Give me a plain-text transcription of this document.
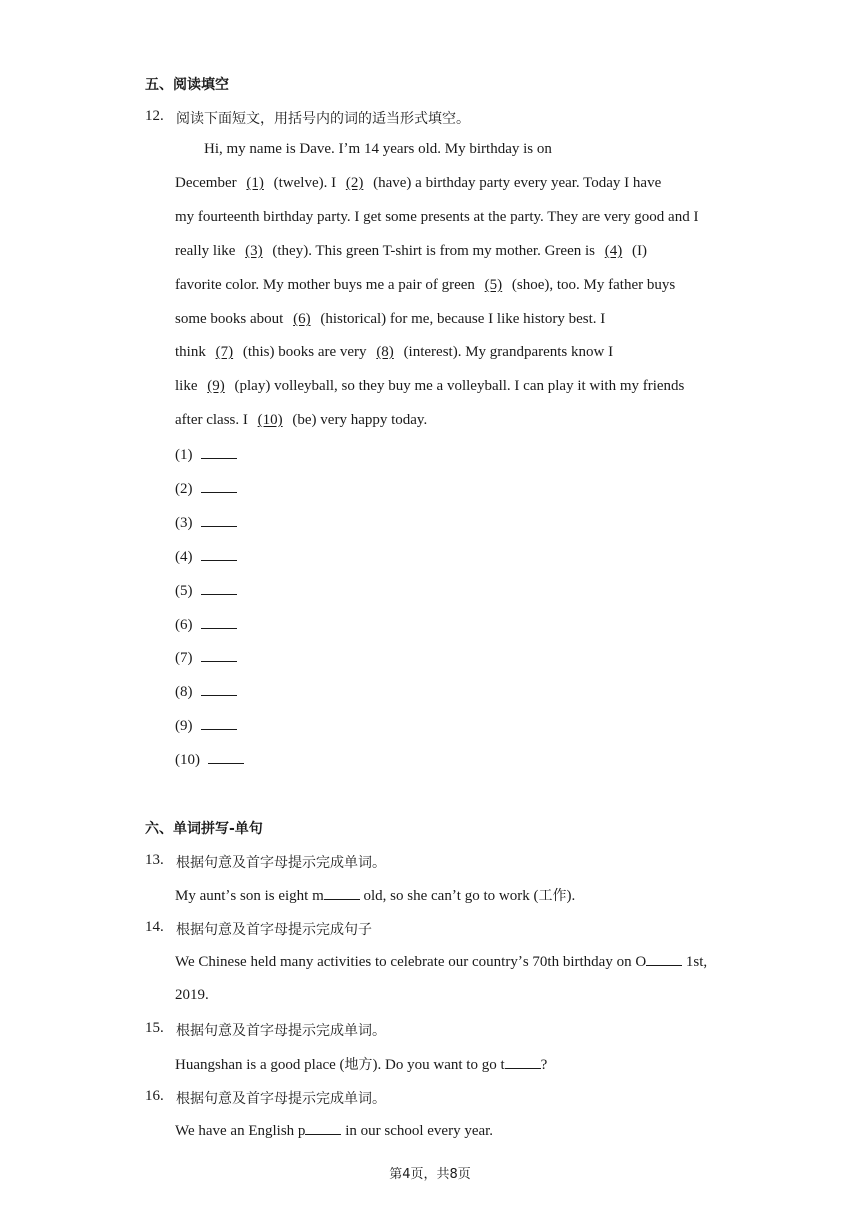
五、阅读填空
12. 阅读下面短文，用括号内的词的适当形式填空。
Hi, my name is Dave. Iʼm 14 years old. My birthday is on
December (1) (twelve). I (2) (have) a birthday party every year. Today I have
my fourteenth birthday party. I get some presents at the party. They are very good and I
really like (3) (they). This green T-shirt is from my mother. Green is (4) (I)
favorite color. My mother buys me a pair of green (5) (shoe), too. My father buys
some books about (6) (historical) for me, because I like history best. I
think (7) (this) books are very (8) (interest). My grandparents know I
like (9) (play) volleyball, so they buy me a volleyball. I can play it with my friends
after class. I (10) (be) very happy today.
(1)
(2)
(3)
(4)
(5)
(6)
(7)
(8)
(9)
(10)
六、单词拼写-单句
13. 根据句意及首字母提示完成单词。
My auntʼs son is eight m old, so she canʼt go to work (工作).
14. 根据句意及首字母提示完成句子
We Chinese held many activities to celebrate our countryʼs 70th birthday on O 1st,
2019.
15. 根据句意及首字母提示完成单词。
Huangshan is a good place (地方). Do you want to go t ?
16. 根据句意及首字母提示完成单词。
We have an English p in our school every year.
第4页，共8页
